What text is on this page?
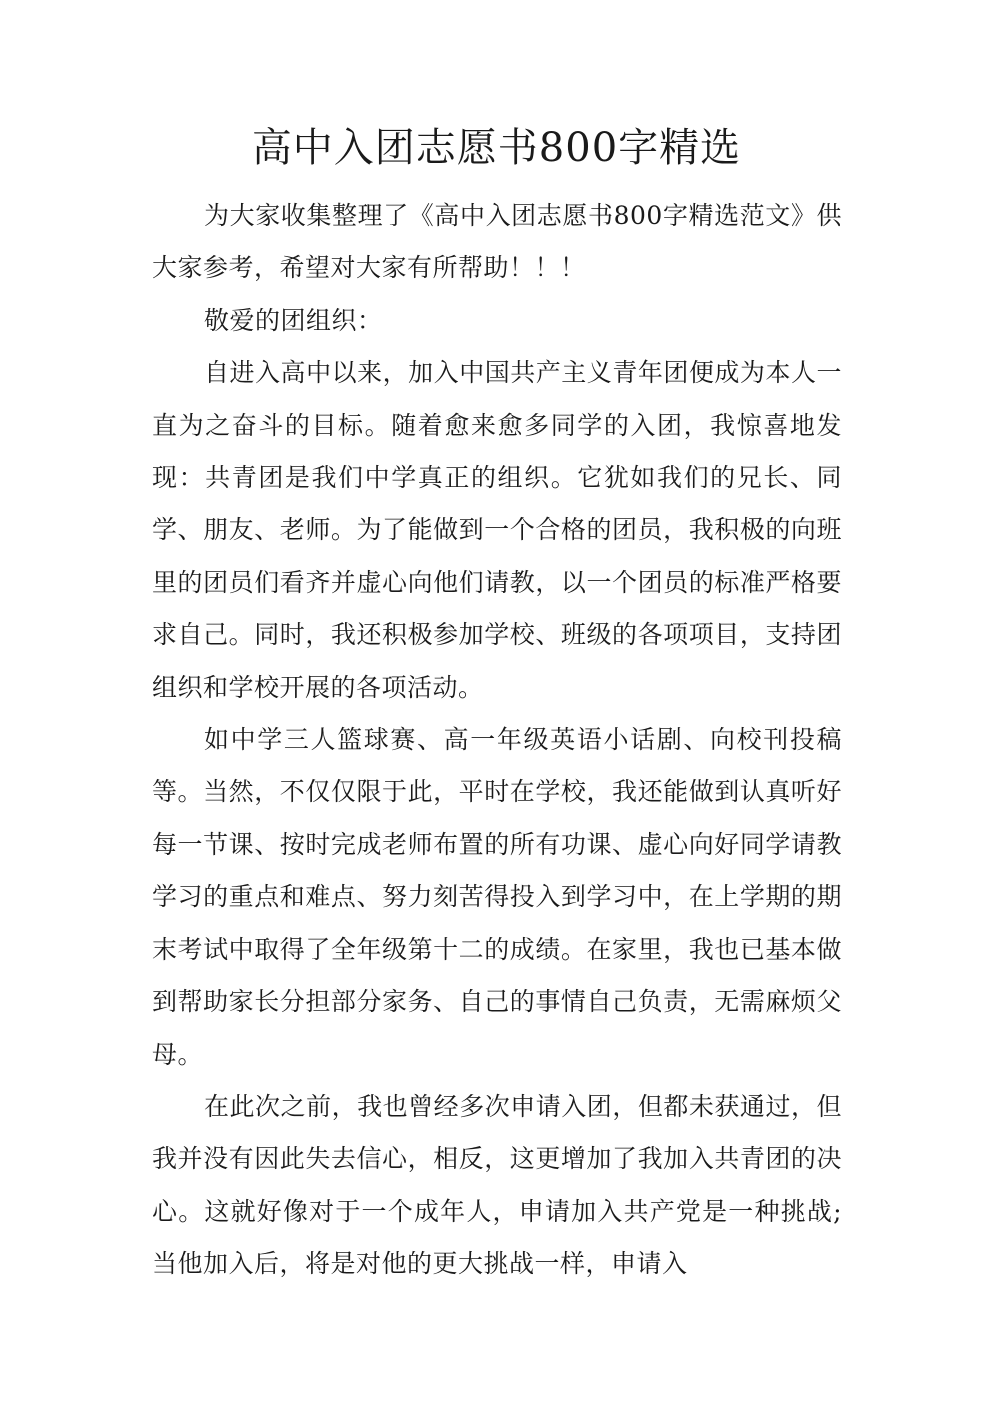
高中入团志愿书800字精选

为大家收集整理了《高中入团志愿书800字精选范文》供大家参考，希望对大家有所帮助！！！

敬爱的团组织：

自进入高中以来，加入中国共产主义青年团便成为本人一直为之奋斗的目标。随着愈来愈多同学的入团，我惊喜地发现：共青团是我们中学真正的组织。它犹如我们的兄长、同学、朋友、老师。为了能做到一个合格的团员，我积极的向班里的团员们看齐并虚心向他们请教，以一个团员的标准严格要求自己。同时，我还积极参加学校、班级的各项项目，支持团组织和学校开展的各项活动。

如中学三人篮球赛、高一年级英语小话剧、向校刊投稿等。当然，不仅仅限于此，平时在学校，我还能做到认真听好每一节课、按时完成老师布置的所有功课、虚心向好同学请教学习的重点和难点、努力刻苦得投入到学习中，在上学期的期末考试中取得了全年级第十二的成绩。在家里，我也已基本做到帮助家长分担部分家务、自己的事情自己负责，无需麻烦父母。

在此次之前，我也曾经多次申请入团，但都未获通过，但我并没有因此失去信心，相反，这更增加了我加入共青团的决心。这就好像对于一个成年人，申请加入共产党是一种挑战;当他加入后，将是对他的更大挑战一样，申请入
